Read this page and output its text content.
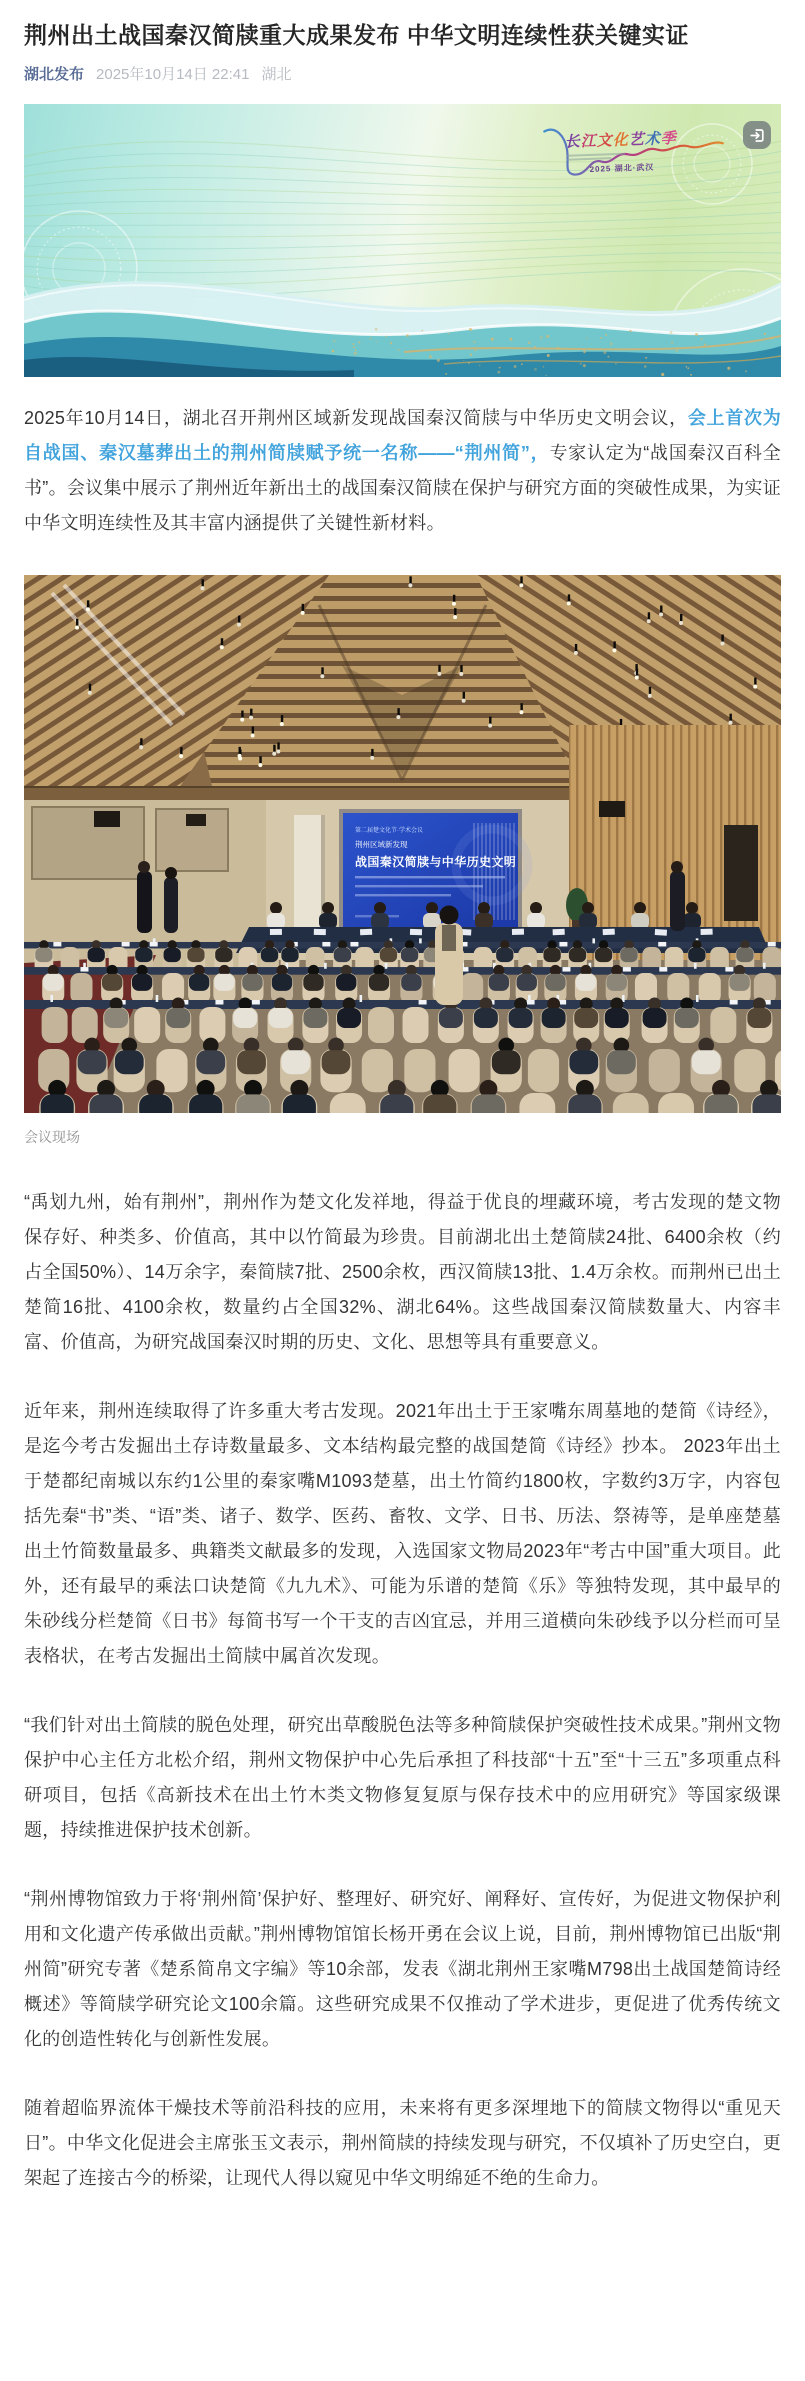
荆州出土战国秦汉简牍重大成果发布 中华文明连续性获关键实证
湖北发布 2025年10月14日 22:41 湖北
长江文化艺术季
2025 湖北·武汉

2025年10月14日，湖北召开荆州区域新发现战国秦汉简牍与中华历史文明会议，会上首次为自战国、秦汉墓葬出土的荆州简牍赋予统一名称——“荆州简”，专家认定为“战国秦汉百科全书”。会议集中展示了荆州近年新出土的战国秦汉简牍在保护与研究方面的突破性成果，为实证中华文明连续性及其丰富内涵提供了关键性新材料。

第二届楚文化节·学术会议
荆州区域新发现
战国秦汉简牍与中华历史文明
会议现场

“禹划九州，始有荆州”，荆州作为楚文化发祥地，得益于优良的埋藏环境，考古发现的楚文物保存好、种类多、价值高，其中以竹简最为珍贵。目前湖北出土楚简牍24批、6400余枚（约占全国50%）、14万余字，秦简牍7批、2500余枚，西汉简牍13批、1.4万余枚。而荆州已出土楚简16批、4100余枚，数量约占全国32%、湖北64%。这些战国秦汉简牍数量大、内容丰富、价值高，为研究战国秦汉时期的历史、文化、思想等具有重要意义。

近年来，荆州连续取得了许多重大考古发现。2021年出土于王家嘴东周墓地的楚简《诗经》，是迄今考古发掘出土存诗数量最多、文本结构最完整的战国楚简《诗经》抄本。 2023年出土于楚都纪南城以东约1公里的秦家嘴M1093楚墓，出土竹简约1800枚，字数约3万字，内容包括先秦“书”类、“语”类、诸子、数学、医药、畜牧、文学、日书、历法、祭祷等，是单座楚墓出土竹简数量最多、典籍类文献最多的发现，入选国家文物局2023年“考古中国”重大项目。此外，还有最早的乘法口诀楚简《九九术》、可能为乐谱的楚简《乐》等独特发现，其中最早的朱砂线分栏楚简《日书》每简书写一个干支的吉凶宜忌，并用三道横向朱砂线予以分栏而可呈表格状，在考古发掘出土简牍中属首次发现。

“我们针对出土简牍的脱色处理，研究出草酸脱色法等多种简牍保护突破性技术成果。”荆州文物保护中心主任方北松介绍，荆州文物保护中心先后承担了科技部“十五”至“十三五”多项重点科研项目，包括《高新技术在出土竹木类文物修复复原与保存技术中的应用研究》等国家级课题，持续推进保护技术创新。

“荆州博物馆致力于将‘荆州简’保护好、整理好、研究好、阐释好、宣传好，为促进文物保护利用和文化遗产传承做出贡献。”荆州博物馆馆长杨开勇在会议上说，目前，荆州博物馆已出版“荆州简”研究专著《楚系简帛文字编》等10余部，发表《湖北荆州王家嘴M798出土战国楚简诗经概述》等简牍学研究论文100余篇。这些研究成果不仅推动了学术进步，更促进了优秀传统文化的创造性转化与创新性发展。

随着超临界流体干燥技术等前沿科技的应用，未来将有更多深埋地下的简牍文物得以“重见天日”。中华文化促进会主席张玉文表示，荆州简牍的持续发现与研究，不仅填补了历史空白，更架起了连接古今的桥梁，让现代人得以窥见中华文明绵延不绝的生命力。
